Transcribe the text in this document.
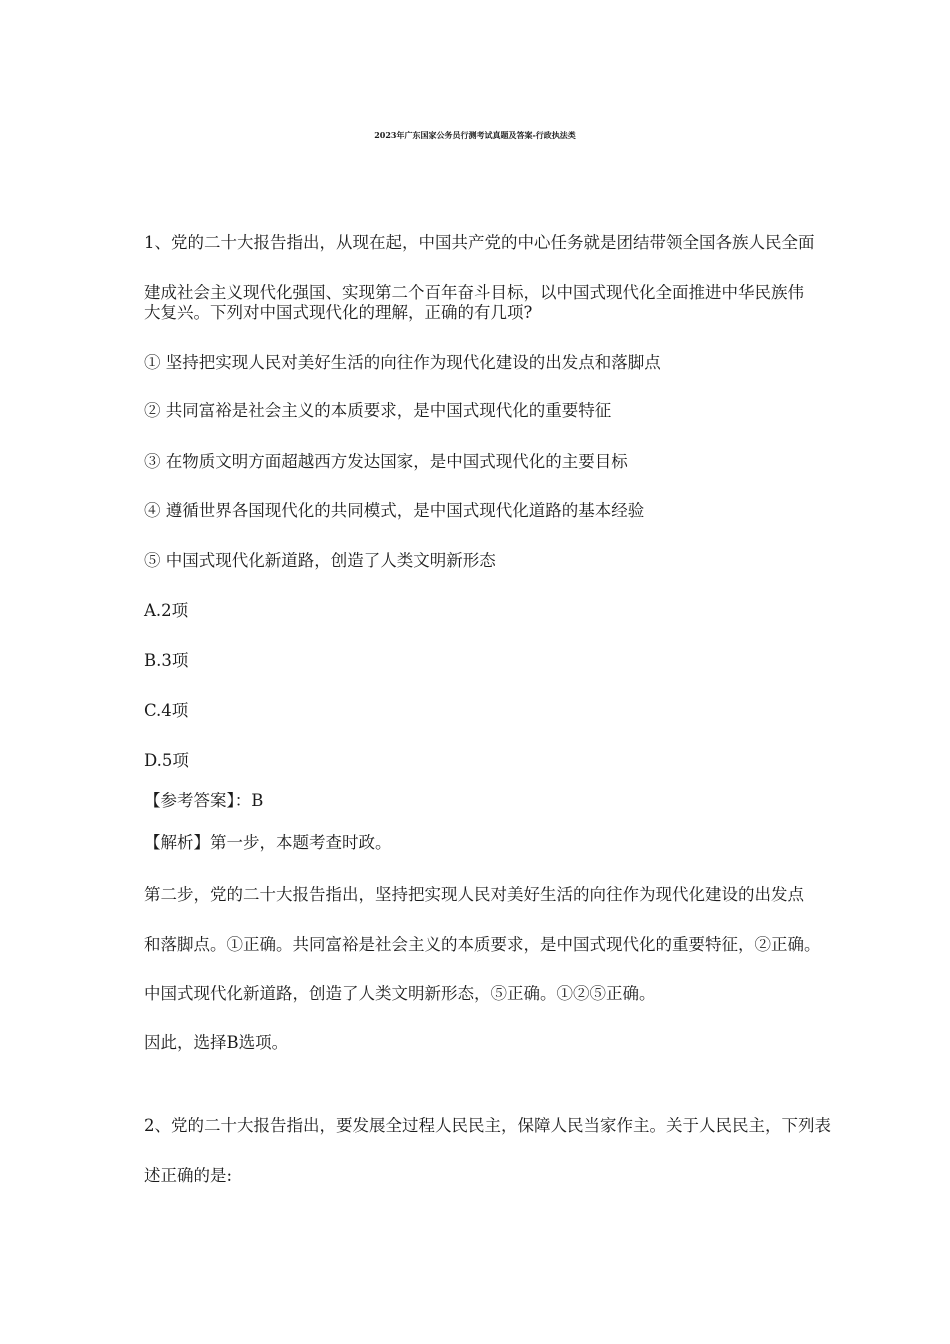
2023年广东国家公务员行测考试真题及答案-行政执法类
1、党的二十大报告指出，从现在起，中国共产党的中心任务就是团结带领全国各族人民全面
建成社会主义现代化强国、实现第二个百年奋斗目标，以中国式现代化全面推进中华民族伟
大复兴。下列对中国式现代化的理解，正确的有几项?
① 坚持把实现人民对美好生活的向往作为现代化建设的出发点和落脚点
② 共同富裕是社会主义的本质要求，是中国式现代化的重要特征
③ 在物质文明方面超越西方发达国家，是中国式现代化的主要目标
④ 遵循世界各国现代化的共同模式，是中国式现代化道路的基本经验
⑤ 中国式现代化新道路，创造了人类文明新形态
A.2项
B.3项
C.4项
D.5项
【参考答案】：B
【解析】第一步，本题考查时政。
第二步，党的二十大报告指出，坚持把实现人民对美好生活的向往作为现代化建设的出发点
和落脚点。①正确。共同富裕是社会主义的本质要求，是中国式现代化的重要特征，②正确。
中国式现代化新道路，创造了人类文明新形态，⑤正确。①②⑤正确。
因此，选择B选项。
2、党的二十大报告指出，要发展全过程人民民主，保障人民当家作主。关于人民民主，下列表
述正确的是:
